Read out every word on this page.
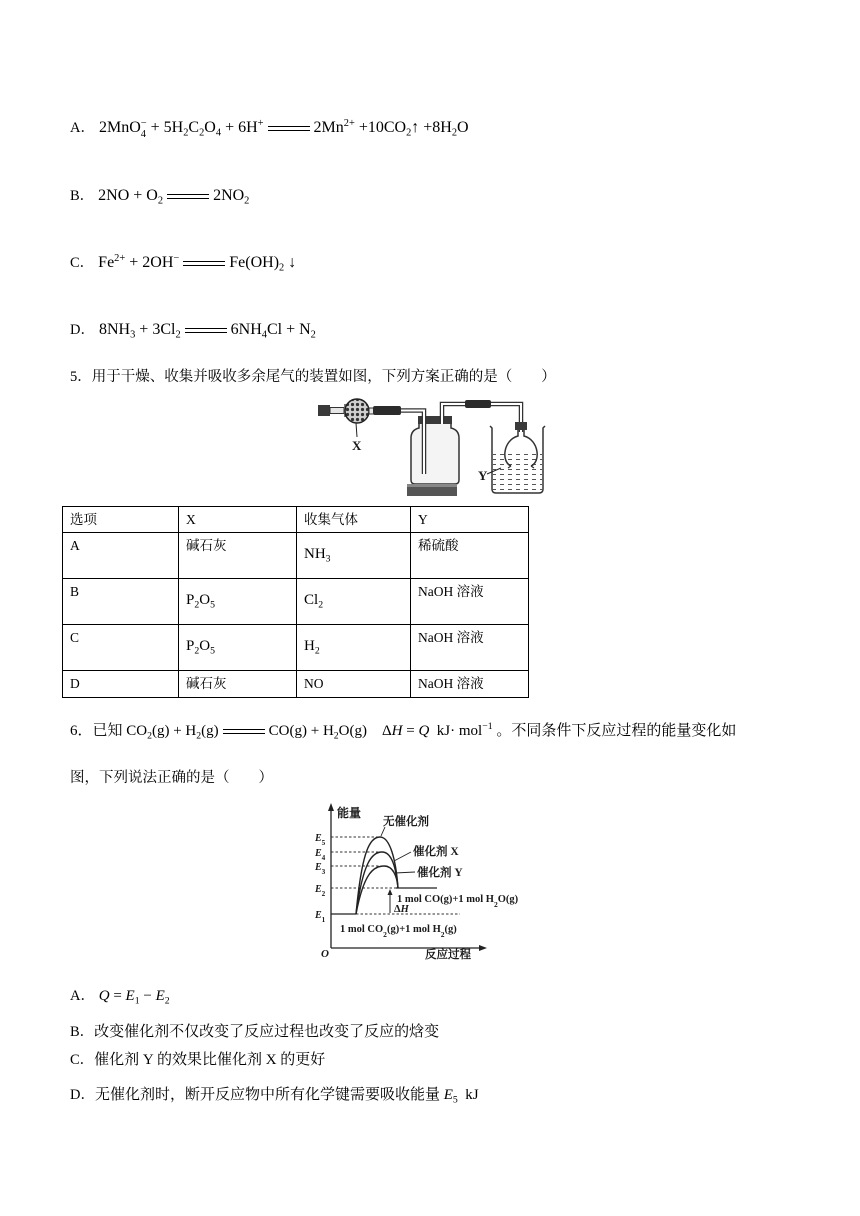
A． 2MnO −
$4 + 5H_2C_2O_4 + 6H^+$	$2Mn^{2+}$ $+10CO_2↑ +8H_2O$
B． $2NO + O_2$	$2NO_2$
C． $Fe^{2+} + 2OH^-$	$Fe(OH)_2$ ↓
D． $8NH_3 + 3Cl_2$	$6NH_4Cl + N_2$
5．用于干燥、收集并吸收多余尾气的装置如图，下列方案正确的是（　　）
X
Y
选项	X	收集气体	Y
A	碱石灰	$NH_3$	稀硫酸
B	$P_2O_5$	$Cl_2$	NaOH 溶液
C	$P_2O_5$	$H_2$	NaOH 溶液
D	碱石灰	NO	NaOH 溶液
6．已知 $CO_2(g) + H_2(g)$	$CO(g) + H_2O(g)$    ΔH = Q  kJ· mol$^{-1}$ 。不同条件下反应过程的能量变化如
图，下列说法正确的是（　　）
能量
O	反应过程
$E_5$
$E_4$
$E_3$
$E_2$
$E_1$
无催化剂
催化剂 X
催化剂 Y
ΔH
1 mol CO(g)+1 mol $H_2O(g)$
1 mol $CO_2(g)+1$ mol $H_2(g)$
A． $Q = E_1 - E_2$
B．改变催化剂不仅改变了反应过程也改变了反应的焓变
C．催化剂 Y 的效果比催化剂 X 的更好
D．无催化剂时，断开反应物中所有化学键需要吸收能量 $E_5$  kJ
